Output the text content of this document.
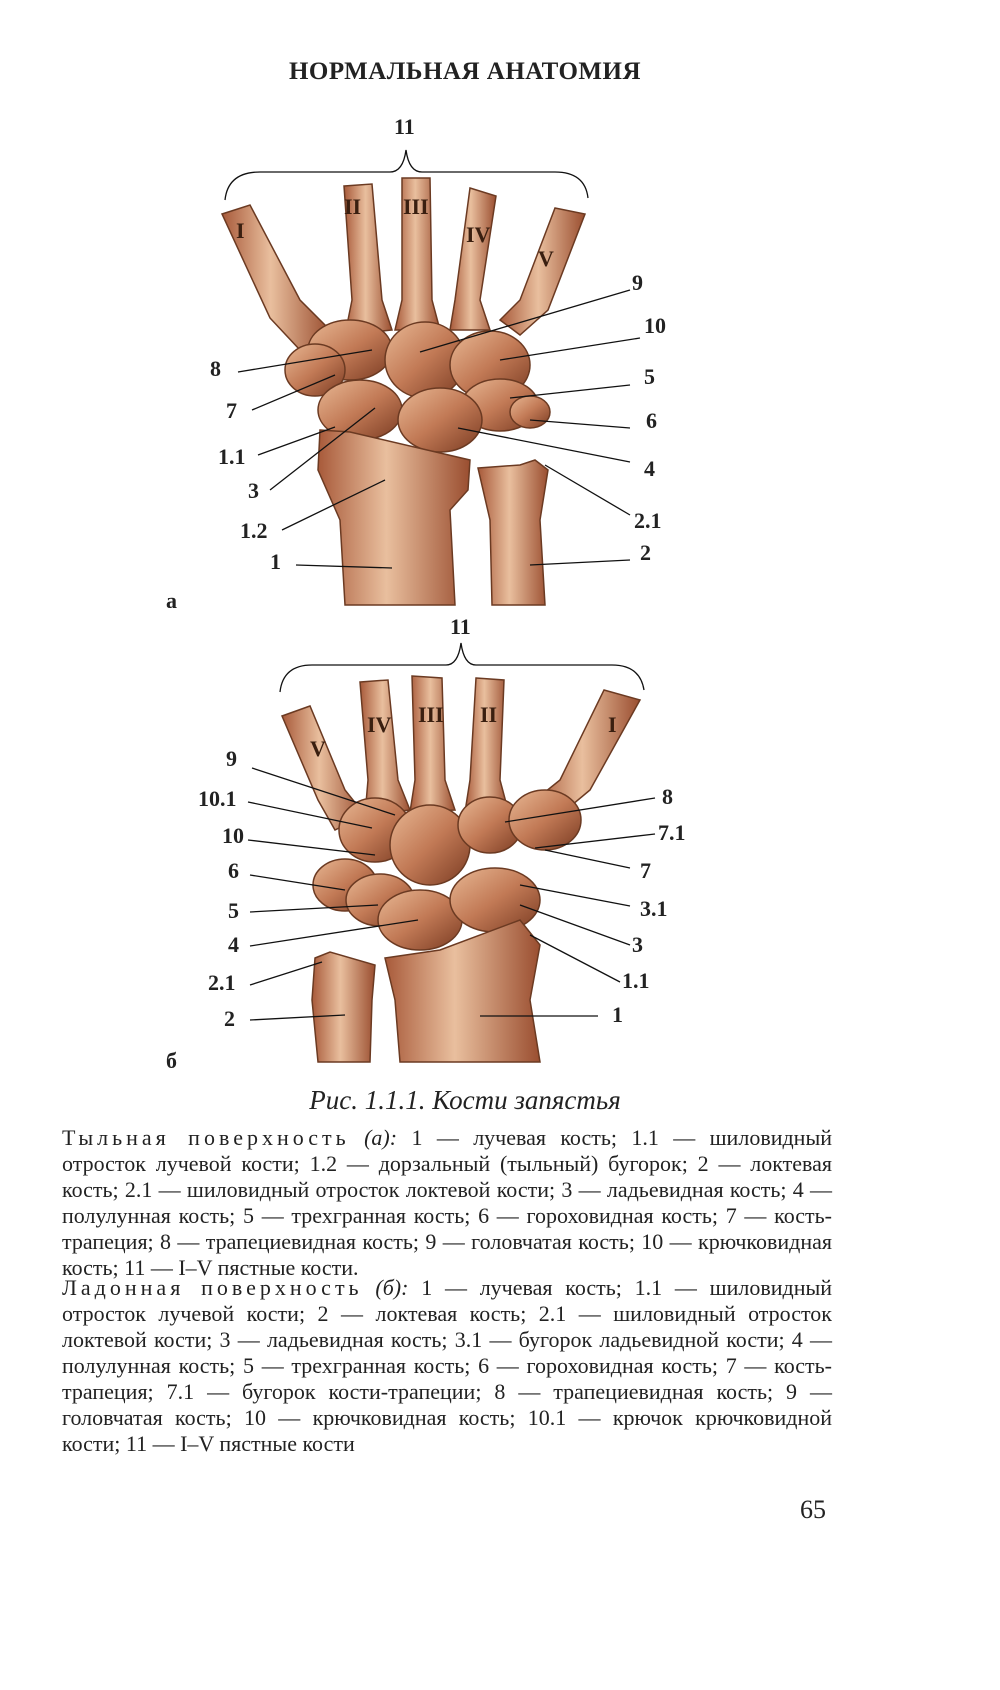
НОРМАЛЬНАЯ АНАТОМИЯ
11
I
II III
IV
V
8
7
1.1
3
1.2
1
9
10
5
6
4
2.1
2
а
11
V
IV III II	I
9
10.1
10
6
5
4
2.1
2
8
7.1
7
3.1
3
1.1
1
б
Рис. 1.1.1. Кости запястья
Тыльная поверхность (а): 1 — лучевая кость; 1.1 — шиловидный отросток лучевой кости; 1.2 — дорзальный (тыльный) бугорок; 2 — локтевая кость; 2.1 — шиловидный отросток локтевой кости; 3 — ладьевидная кость; 4 — полулунная кость; 5 — трехгранная кость; 6 — гороховидная кость; 7 — кость-трапеция; 8 — трапециевидная кость; 9 — головчатая кость; 10 — крючковидная кость; 11 — I–V пястные кости.
Ладонная поверхность (б): 1 — лучевая кость; 1.1 — шиловидный отросток лучевой кости; 2 — локтевая кость; 2.1 — шиловидный отросток локтевой кости; 3 — ладьевидная кость; 3.1 — бугорок ладьевидной кости; 4 — полулунная кость; 5 — трехгранная кость; 6 — гороховидная кость; 7 — кость-трапеция; 7.1 — бугорок кости-трапеции; 8 — трапециевидная кость; 9 — головчатая кость; 10 — крючковидная кость; 10.1 — крючок крючковидной кости; 11 — I–V пястные кости
65
